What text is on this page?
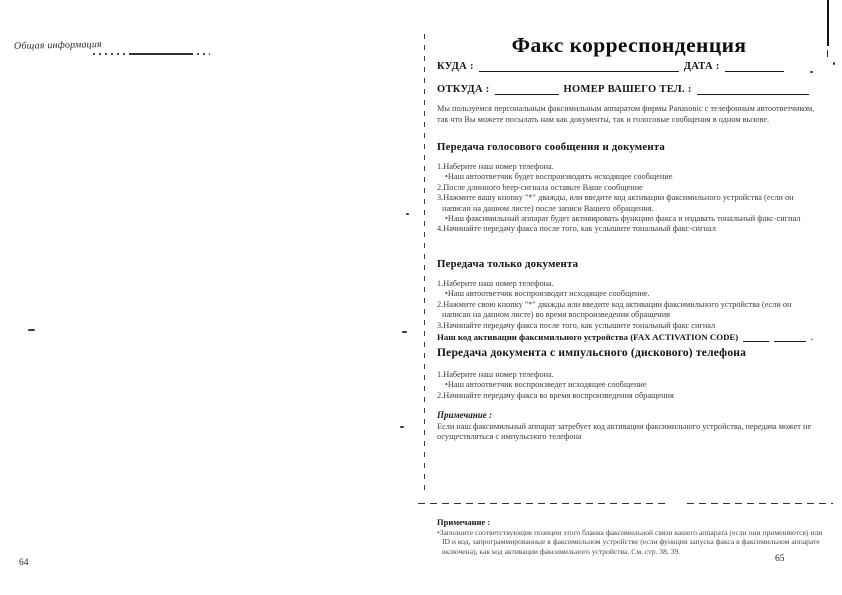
Общая информация
64
Факс корреспонденция
КУДА :	ДАТА :
ОТКУДА :	НОМЕР ВАШЕГО ТЕЛ. :
Мы пользуемся персональным факсимильным аппаратом фирмы Panasonic с телефонным автоответчиком, так что Вы можете посылать нам как документы, так и голосовые сообщения в одном вызове.
Передача голосового сообщения и документа
1.Наберите наш номер телефона.
•Наш автоответчик будет воспроизводить исходящее сообщение
2.После длинного beep-сигнала оставьте Ваше сообщение
3.Нажмите вашу кнопку "*" дважды, или введите код активации факсимильного устройства (если он написан на данном листе) после записи Вашего обращения.
•Наш факсимильный аппарат будет активировать функцию факса и издавать тональный факс-сигнал
4.Начинайте передачу факса после того, как услышите тональный факс-сигнал
Передача только документа
1.Наберите наш номер телефона.
•Наш автоответчик воспроизводит исходящее сообщение.
2.Нажмите свою кнопку "*" дважды или введите код активации факсимильного устройства (если он написан на данном листе) во время воспроизведения обращения
3.Начинайте передачу факса после того, как услышите тональный факс сигнал
Наш код активации факсимильного устройства (FAX ACTIVATION CODE)	.
Передача документа с импульсного (дискового) телефона
1.Наберите наш номер телефона.
•Наш автоответчик воспроизведет исходящее сообщение
2.Начинайте передачу факса во время воспроизведения обращения
Примечание :
Если наш факсимильный аппарат затребует код активации факсимильного устройства, передача может не осуществляться с импульсного телефона
Примечание :
•Заполните соответствующие позиции этого бланка факсимильной связи вашего аппарата (если они применяются) или ID и код, запрограммированные в факсимильном устройстве (если функция запуска факса в факсимильном аппарате включена), как код активации факсимильного устройства. См. стр. 38, 39.
65
